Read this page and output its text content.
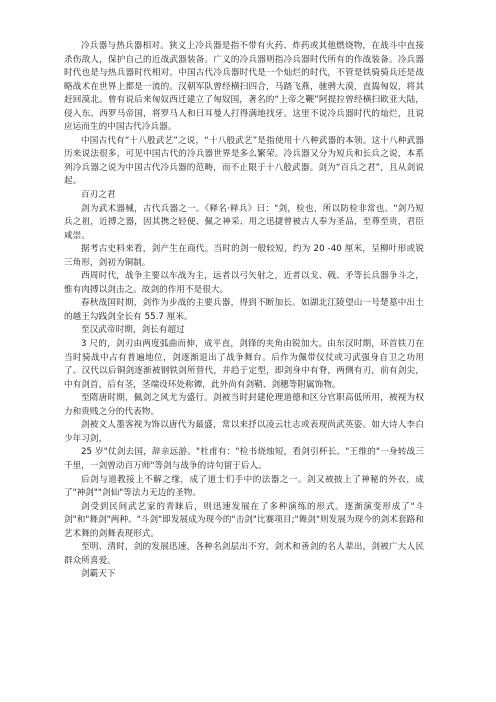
冷兵器与热兵器相对。狭义上冷兵器是指不带有火药、炸药或其他燃烧物，在战斗中直接杀伤敌人，保护自己的近战武器装备。广义的冷兵器则指冷兵器时代所有的作战装备。冷兵器时代也是与热兵器时代相对。中国古代冷兵器时代是一个灿烂的时代，不管是铁骑骑兵还是战略战术在世界上都是一流的。汉朝军队曾经横扫四合，马踏飞燕，驰骋大漠，直捣匈奴，将其赶回漠北。曾有说后来匈奴西迁建立了匈奴国，著名的“上帝之鞭”阿提拉曾经横扫欧亚大陆，侵入东、西罗马帝国，将罗马人和日耳曼人打得满地找牙。这里不说冷兵器时代的灿烂，且说应运而生的中国古代冷兵器。

中国古代有“十八般武艺”之说，“十八般武艺”是指使用十八种武器的本领。这十八种武器历来说法很多，可见中国古代的冷兵器世界是多么繁荣。冷兵器又分为短兵和长兵之说，本系列冷兵器之说为中国古代冷兵器的范畴，而不止限于十八般武器。剑为“百兵之君”，且从剑说起。

百刃之君

剑为武术器械，古代兵器之一。《释名·释兵》曰："剑，检也，所以防检非常也。"剑乃短兵之祖，近搏之器，因其携之轻便、佩之神采、用之迅捷曾被古人奉为圣品，至尊至贵，君臣咸崇。

据考古史料来看，剑产生在商代。当时的剑一般较短，约为 20 -40 厘米，呈柳叶形或锐三角形，剑初为铜制。

西周时代，战争主要以车战为主，远者以弓矢射之，近者以戈、戟、矛等长兵器争斗之，惟有肉搏以剑击之。故剑的作用不是很大。

春秋战国时期，剑作为步战的主要兵器，得到不断加长。如湖北江陵望山一号楚墓中出土的越王勾践剑全长有 55.7 厘米。

至汉武帝时期，剑长有超过

3 尺的，剑刃由两度弧曲而伸，成平直，剑锋的夹角由锐加大。由东汉时期，环首铁刀在当时骑战中占有普遍地位，剑逐渐退出了战争舞台。后作为佩带仪仗或习武强身自卫之功用了。汉代以后铜剑逐渐被钢铁剑所替代，并趋于定型，即剑身中有脊，两侧有刃，前有剑尖，中有剑首，后有茎，茎端设环处称镡，此外尚有剑鞘、剑穗等附属饰物。

至隋唐时期，佩剑之风尤为盛行。剑被当时封建伦理道德和区分官职高低所用，被视为权力和贵贱之分的代表物。

剑被文人墨客视为饰以唐代为最盛，常以来抒以凌云壮志或表现尚武英姿。如大诗人李白少年习剑，

25 岁"仗剑去国，辞亲远游。"杜甫有："检书烧烛短，看剑引杯长。"王维的"一身转战三千里，一剑曾动百万师"等剑与战争的诗句留于后人。

后剑与道教接上不解之缘，成了道士们手中的法器之一。剑又被披上了神秘的外衣，成了"神剑""剑仙"等法力无边的圣物。

剑受到民间武艺家的青睐后，则迅速发展在了多种演练的形式。逐渐演变形成了"斗剑"和"舞剑"两种。"斗剑"即发展成为现今的"击剑"比赛项目;"舞剑"则发展为现今的剑术套路和艺术舞的剑舞表现形式。

至明、清时，剑的发展迅速，各种名剑层出不穷，剑术和善剑的名人辈出，剑被广大人民群众所喜爱。

剑霸天下
